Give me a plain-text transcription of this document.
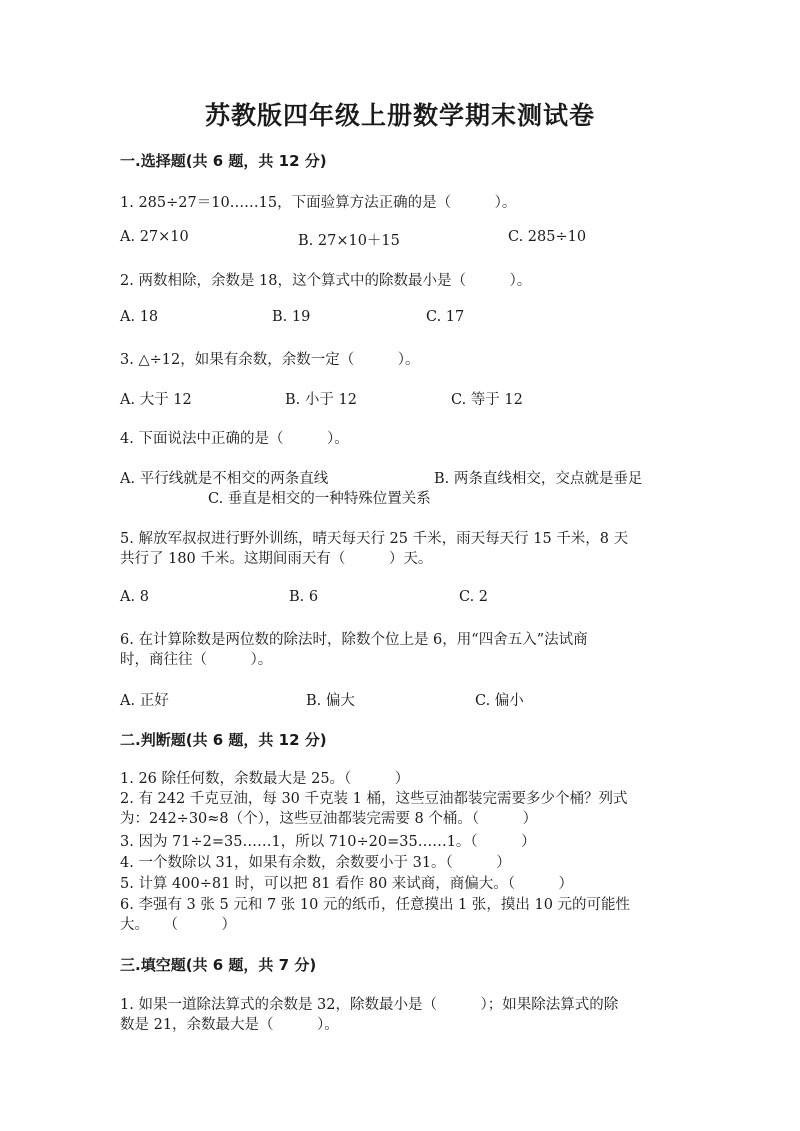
苏教版四年级上册数学期末测试卷
一.选择题(共 6 题，共 12 分)
1. 285÷27＝10……15，下面验算方法正确的是（　　　）。
A. 27×10	B. 27×10＋15	C. 285÷10
2. 两数相除，余数是 18，这个算式中的除数最小是（　　　）。
A. 18	B. 19	C. 17
3. △÷12，如果有余数，余数一定（　　　）。
A. 大于 12	B. 小于 12	C. 等于 12
4. 下面说法中正确的是（　　　）。
A. 平行线就是不相交的两条直线	B. 两条直线相交，交点就是垂足
C. 垂直是相交的一种特殊位置关系
5. 解放军叔叔进行野外训练，晴天每天行 25 千米，雨天每天行 15 千米，8 天
共行了 180 千米。这期间雨天有（　　　）天。
A. 8	B. 6	C. 2
6. 在计算除数是两位数的除法时，除数个位上是 6，用“四舍五入”法试商
时，商往往（　　　）。
A. 正好	B. 偏大	C. 偏小
二.判断题(共 6 题，共 12 分)
1. 26 除任何数，余数最大是 25。（　　　）
2. 有 242 千克豆油，每 30 千克装 1 桶，这些豆油都装完需要多少个桶？列式
为：242÷30≈8（个），这些豆油都装完需要 8 个桶。（　　　）
3. 因为 71÷2=35……1，所以 710÷20=35……1。（　　　）
4. 一个数除以 31，如果有余数，余数要小于 31。（　　　）
5. 计算 400÷81 时，可以把 81 看作 80 来试商，商偏大。（　　　）
6. 李强有 3 张 5 元和 7 张 10 元的纸币，任意摸出 1 张，摸出 10 元的可能性
大。　　（　　　）
三.填空题(共 6 题，共 7 分)
1. 如果一道除法算式的余数是 32，除数最小是（　　　）；如果除法算式的除
数是 21，余数最大是（　　　）。
